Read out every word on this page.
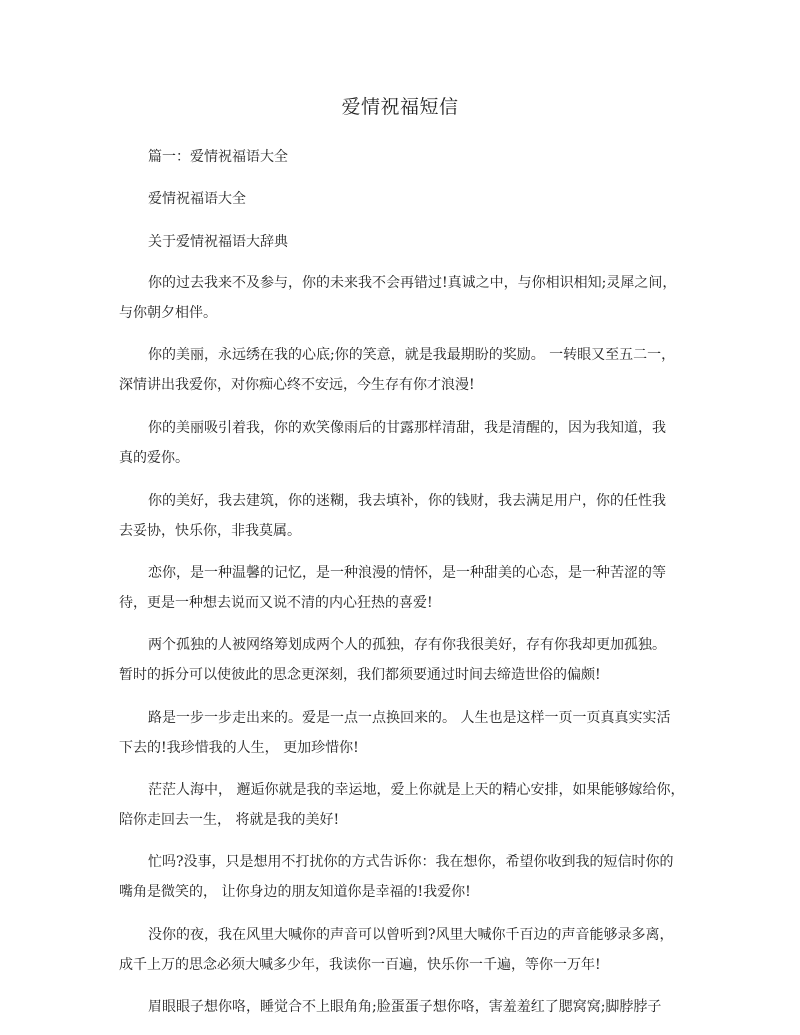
爱情祝福短信
篇一：爱情祝福语大全
爱情祝福语大全
关于爱情祝福语大辞典
你的过去我来不及参与，你的未来我不会再错过!真诚之中，与你相识相知;灵犀之间，
与你朝夕相伴。
你的美丽，永远绣在我的心底;你的笑意，就是我最期盼的奖励。 一转眼又至五二一，
深情讲出我爱你，对你痴心终不安远，今生存有你才浪漫!
你的美丽吸引着我，你的欢笑像雨后的甘露那样清甜，我是清醒的，因为我知道，我
真的爱你。
你的美好，我去建筑，你的迷糊，我去填补，你的钱财，我去满足用户，你的任性我
去妥协，快乐你，非我莫属。
恋你，是一种温馨的记忆，是一种浪漫的情怀，是一种甜美的心态，是一种苦涩的等
待，更是一种想去说而又说不清的内心狂热的喜爱!
两个孤独的人被网络筹划成两个人的孤独，存有你我很美好，存有你我却更加孤独。
暂时的拆分可以使彼此的思念更深刻，我们都须要通过时间去缔造世俗的偏颇!
路是一步一步走出来的。爱是一点一点换回来的。 人生也是这样一页一页真真实实活
下去的!我珍惜我的人生， 更加珍惜你!
茫茫人海中， 邂逅你就是我的幸运地，爱上你就是上天的精心安排，如果能够嫁给你，
陪你走回去一生， 将就是我的美好!
忙吗?没事，只是想用不打扰你的方式告诉你：我在想你，希望你收到我的短信时你的
嘴角是微笑的， 让你身边的朋友知道你是幸福的!我爱你!
没你的夜，我在风里大喊你的声音可以曾听到?风里大喊你千百边的声音能够录多离，
成千上万的思念必须大喊多少年，我读你一百遍，快乐你一千遍，等你一万年!
眉眼眼子想你咯，睡觉合不上眼角角;脸蛋蛋子想你咯，害羞羞红了腮窝窝;脚脖脖子
